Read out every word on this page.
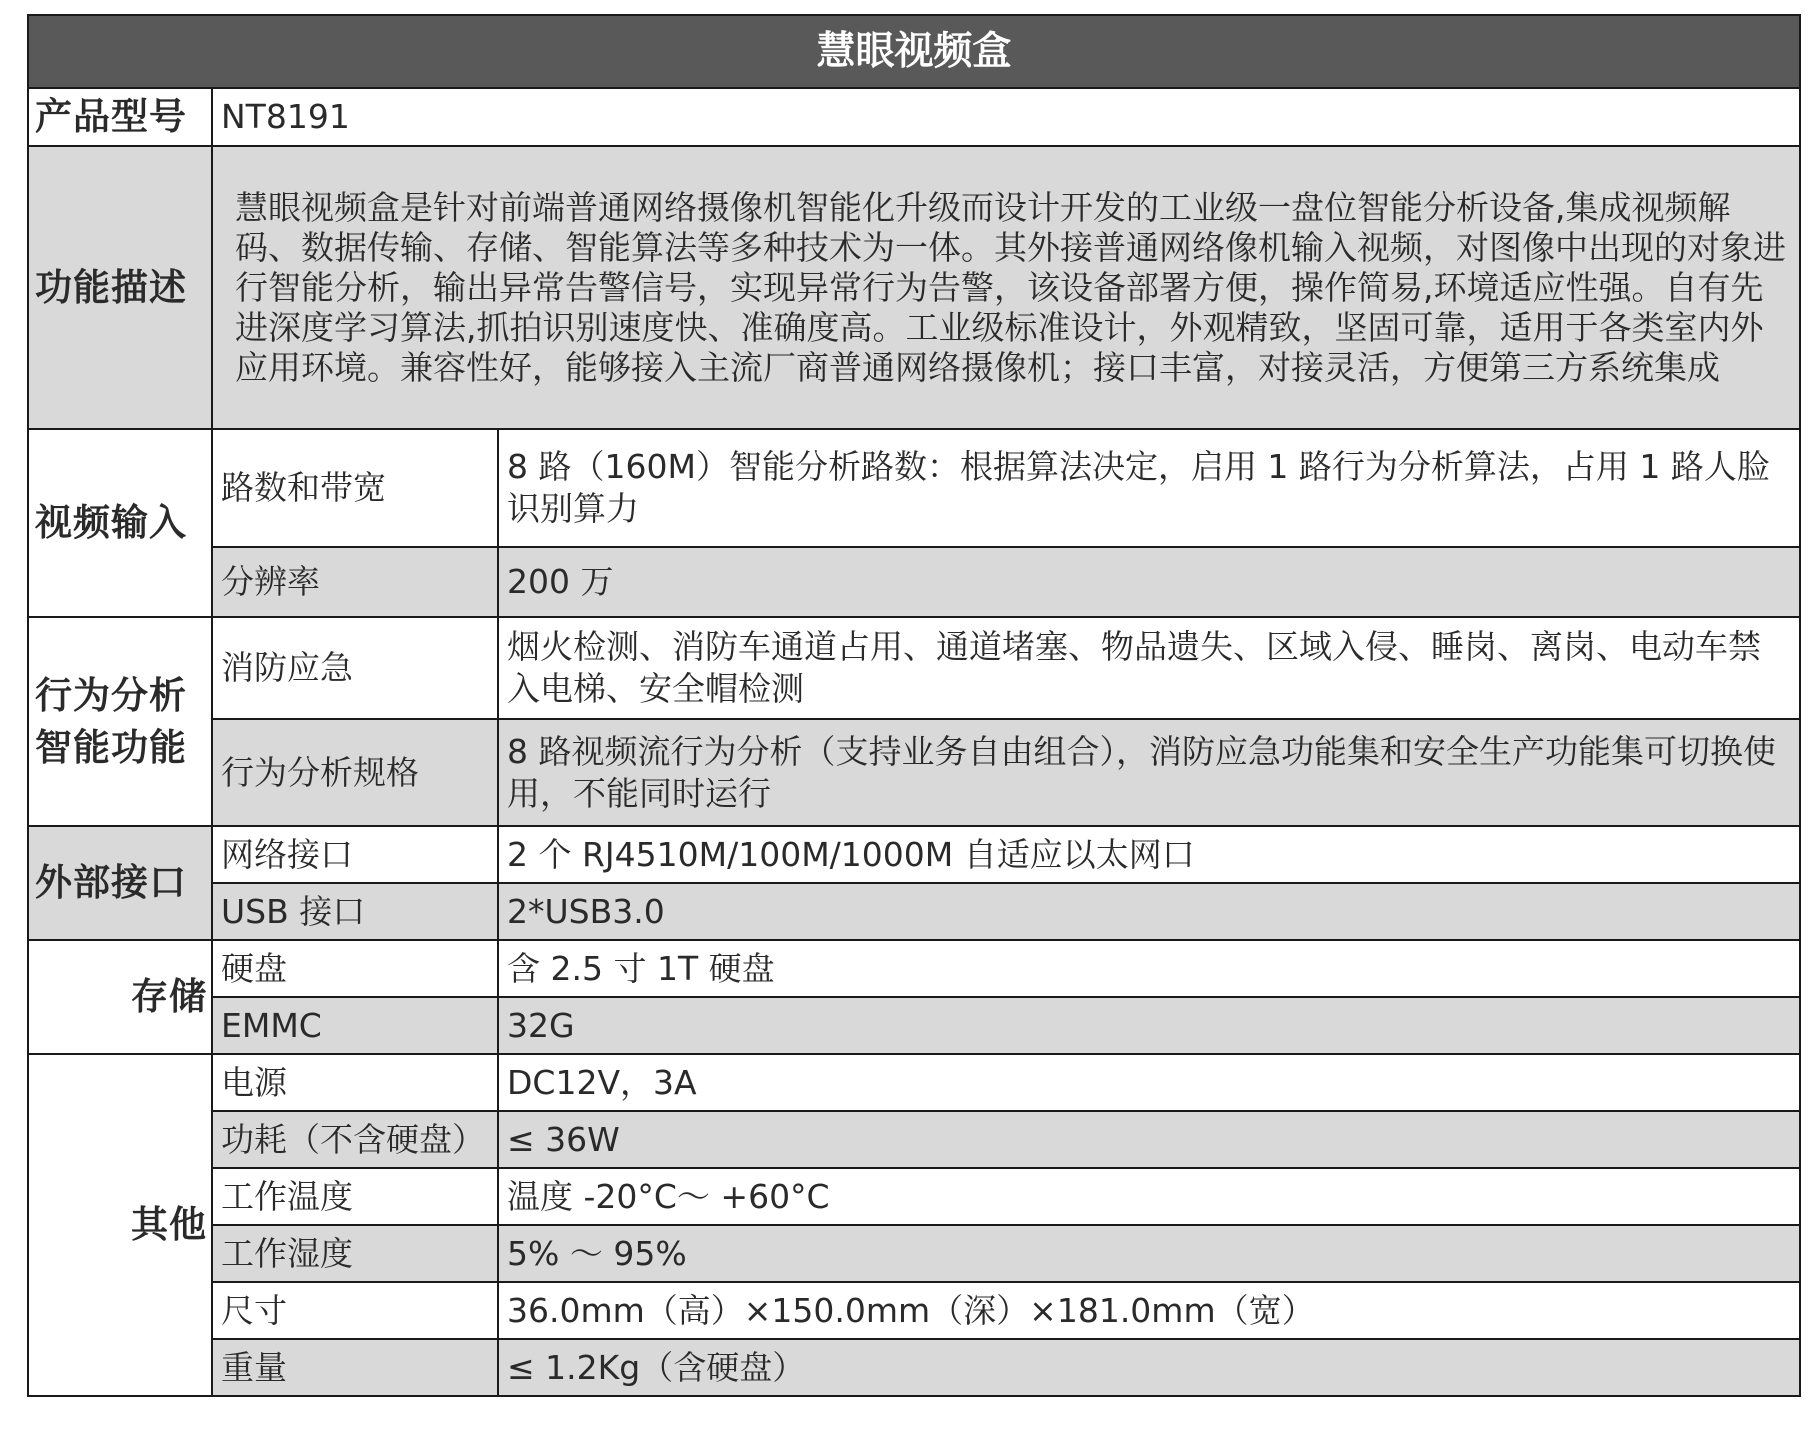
慧眼视频盒		
产品型号	NT8191	
功能描述	慧眼视频盒是针对前端普通网络摄像机智能化升级而设计开发的工业级一盘位智能分析设备,集成视频解码、数据传输、存储、智能算法等多种技术为一体。其外接普通网络像机输入视频，对图像中出现的对象进行智能分析，输出异常告警信号，实现异常行为告警，该设备部署方便，操作简易,环境适应性强。自有先进深度学习算法,抓拍识别速度快、准确度高。工业级标准设计，外观精致，坚固可靠，适用于各类室内外应用环境。兼容性好，能够接入主流厂商普通网络摄像机；接口丰富，对接灵活，方便第三方系统集成	
视频输入	路数和带宽	8 路（160M）智能分析路数：根据算法决定，启用 1 路行为分析算法，占用 1 路人脸识别算力
	分辨率	200 万
行为分析智能功能	消防应急	烟火检测、消防车通道占用、通道堵塞、物品遗失、区域入侵、睡岗、离岗、电动车禁入电梯、安全帽检测
	行为分析规格	8 路视频流行为分析（支持业务自由组合），消防应急功能集和安全生产功能集可切换使用，不能同时运行
外部接口	网络接口	2 个 RJ4510M/100M/1000M 自适应以太网口
	USB 接口	2*USB3.0
存储	硬盘	含 2.5 寸 1T 硬盘
	EMMC	32G
其他	电源	DC12V，3A
	功耗（不含硬盘）	≤ 36W
	工作温度	温度 -20°C～ +60°C
	工作湿度	5% ～ 95%
	尺寸	36.0mm（高）×150.0mm（深）×181.0mm（宽）
	重量	≤ 1.2Kg（含硬盘）
